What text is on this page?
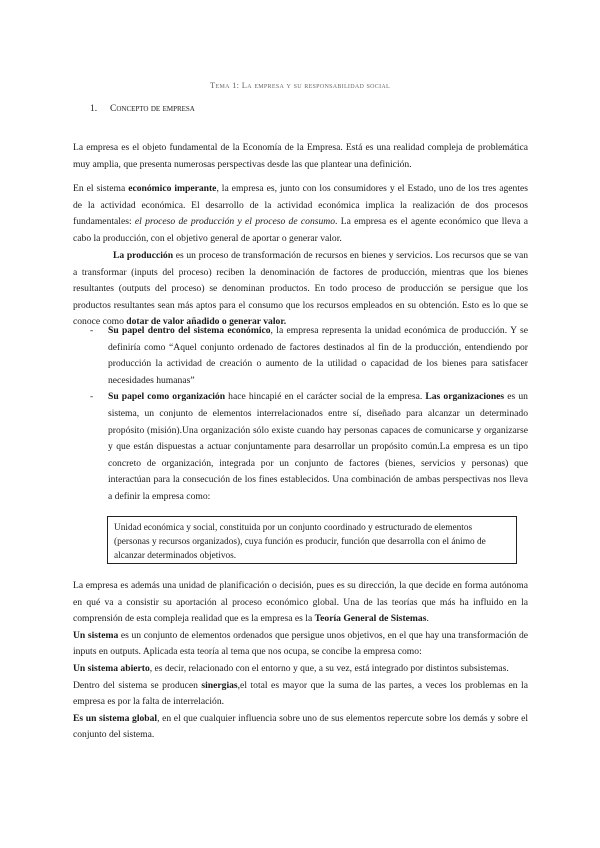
Tema 1: La empresa y su responsabilidad social
1. Concepto de empresa

La empresa es el objeto fundamental de la Economía de la Empresa. Está es una realidad compleja de problemática muy amplia, que presenta numerosas perspectivas desde las que plantear una definición.

En el sistema económico imperante, la empresa es, junto con los consumidores y el Estado, uno de los tres agentes de la actividad económica. El desarrollo de la actividad económica implica la realización de dos procesos fundamentales: el proceso de producción y el proceso de consumo. La empresa es el agente económico que lleva a cabo la producción, con el objetivo general de aportar o generar valor.

La producción es un proceso de transformación de recursos en bienes y servicios. Los recursos que se van a transformar (inputs del proceso) reciben la denominación de factores de producción, mientras que los bienes resultantes (outputs del proceso) se denominan productos. En todo proceso de producción se persigue que los productos resultantes sean más aptos para el consumo que los recursos empleados en su obtención. Esto es lo que se conoce como dotar de valor añadido o generar valor.

- Su papel dentro del sistema económico, la empresa representa la unidad económica de producción. Y se definiría como “Aquel conjunto ordenado de factores destinados al fin de la producción, entendiendo por producción la actividad de creación o aumento de la utilidad o capacidad de los bienes para satisfacer necesidades humanas”

- Su papel como organización hace hincapié en el carácter social de la empresa. Las organizaciones es un sistema, un conjunto de elementos interrelacionados entre sí, diseñado para alcanzar un determinado propósito (misión).Una organización sólo existe cuando hay personas capaces de comunicarse y organizarse y que están dispuestas a actuar conjuntamente para desarrollar un propósito común.La empresa es un tipo concreto de organización, integrada por un conjunto de factores (bienes, servicios y personas) que interactúan para la consecución de los fines establecidos. Una combinación de ambas perspectivas nos lleva a definir la empresa como:

Unidad económica y social, constituida por un conjunto coordinado y estructurado de elementos (personas y recursos organizados), cuya función es producir, función que desarrolla con el ánimo de alcanzar determinados objetivos.

La empresa es además una unidad de planificación o decisión, pues es su dirección, la que decide en forma autónoma en qué va a consistir su aportación al proceso económico global. Una de las teorías que más ha influido en la comprensión de esta compleja realidad que es la empresa es la Teoría General de Sistemas.

Un sistema es un conjunto de elementos ordenados que persigue unos objetivos, en el que hay una transformación de inputs en outputs. Aplicada esta teoría al tema que nos ocupa, se concibe la empresa como:

Un sistema abierto, es decir, relacionado con el entorno y que, a su vez, está integrado por distintos subsistemas.

Dentro del sistema se producen sinergias,el total es mayor que la suma de las partes, a veces los problemas en la empresa es por la falta de interrelación.

Es un sistema global, en el que cualquier influencia sobre uno de sus elementos repercute sobre los demás y sobre el conjunto del sistema.
